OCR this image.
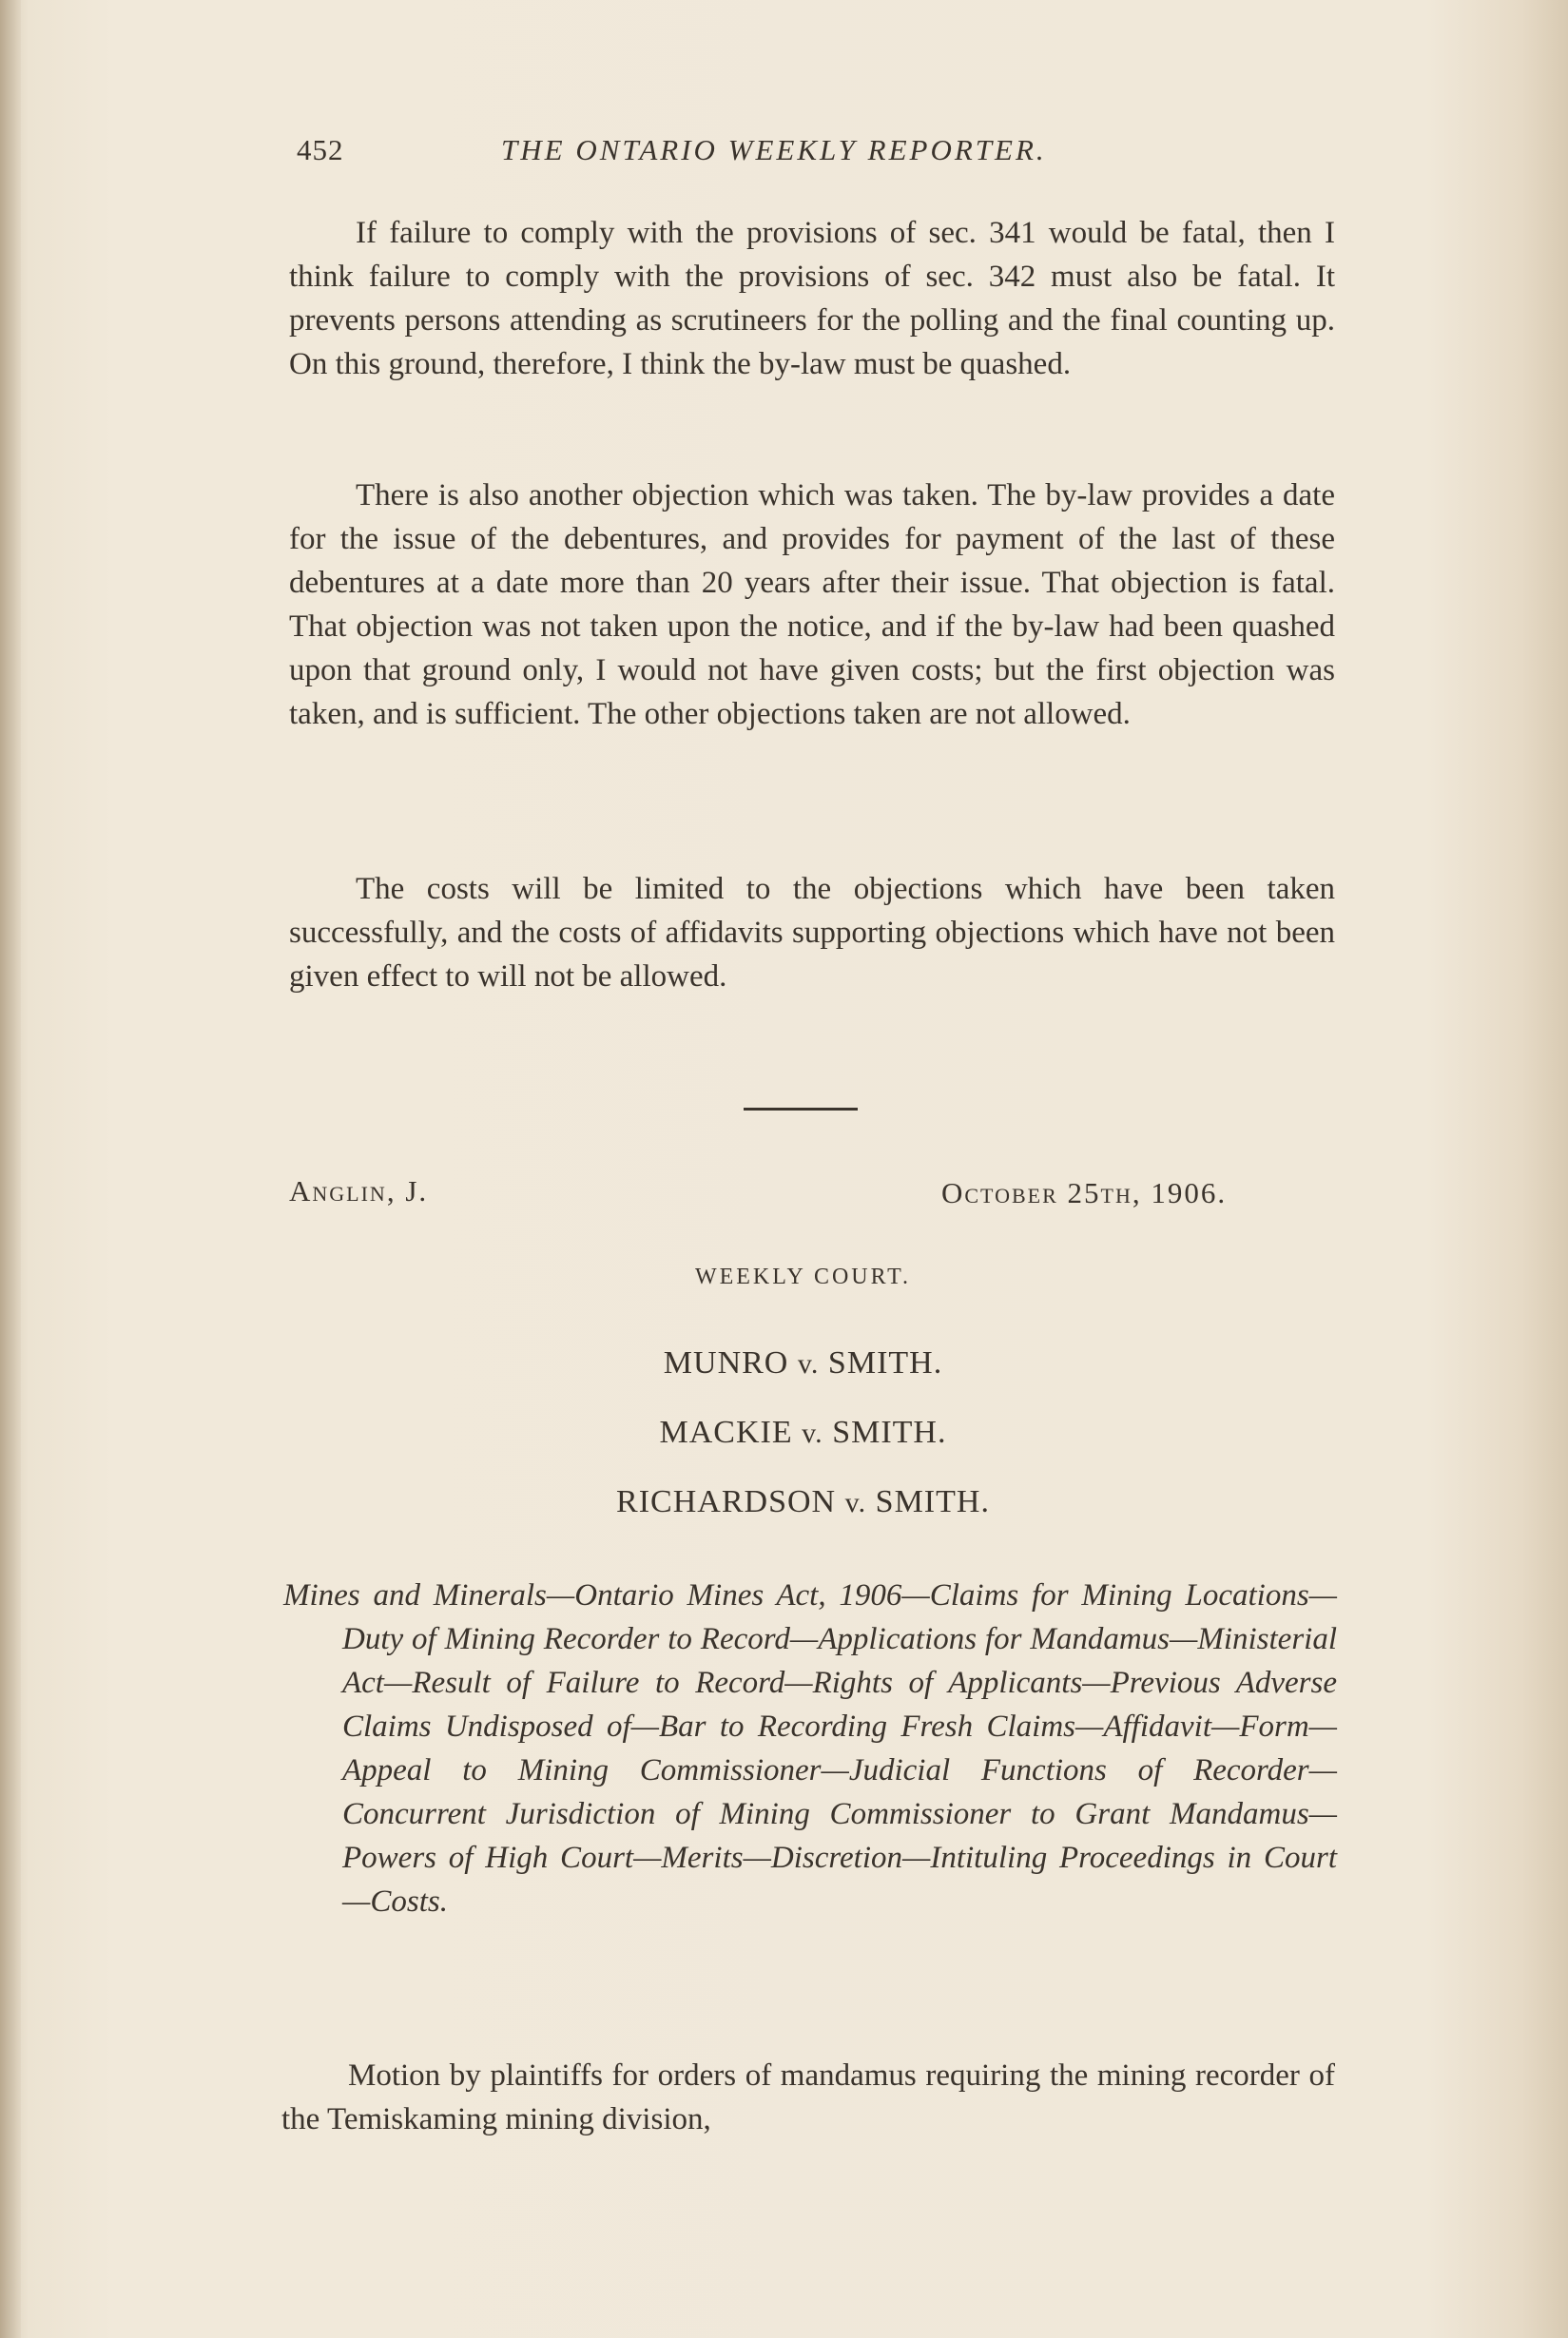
452	THE ONTARIO WEEKLY REPORTER.

If failure to comply with the provisions of sec. 341 would be fatal, then I think failure to comply with the provisions of sec. 342 must also be fatal. It prevents persons attending as scrutineers for the polling and the final counting up. On this ground, therefore, I think the by-law must be quashed.

There is also another objection which was taken. The by-law provides a date for the issue of the debentures, and provides for payment of the last of these debentures at a date more than 20 years after their issue. That objection is fatal. That objection was not taken upon the notice, and if the by-law had been quashed upon that ground only, I would not have given costs; but the first objection was taken, and is sufficient. The other objections taken are not allowed.

The costs will be limited to the objections which have been taken successfully, and the costs of affidavits supporting objections which have not been given effect to will not be allowed.

Anglin, J.	October 25th, 1906.
WEEKLY COURT.
MUNRO v. SMITH.
MACKIE v. SMITH.
RICHARDSON v. SMITH.

Mines and Minerals—Ontario Mines Act, 1906—Claims for Mining Locations—Duty of Mining Recorder to Record—Applications for Mandamus—Ministerial Act—Result of Failure to Record—Rights of Applicants—Previous Adverse Claims Undisposed of—Bar to Recording Fresh Claims—Affidavit—Form—Appeal to Mining Commissioner—Judicial Functions of Recorder—Concurrent Jurisdiction of Mining Commissioner to Grant Mandamus—Powers of High Court—Merits—Discretion—Intituling Proceedings in Court—Costs.

Motion by plaintiffs for orders of mandamus requiring the mining recorder of the Temiskaming mining division,
